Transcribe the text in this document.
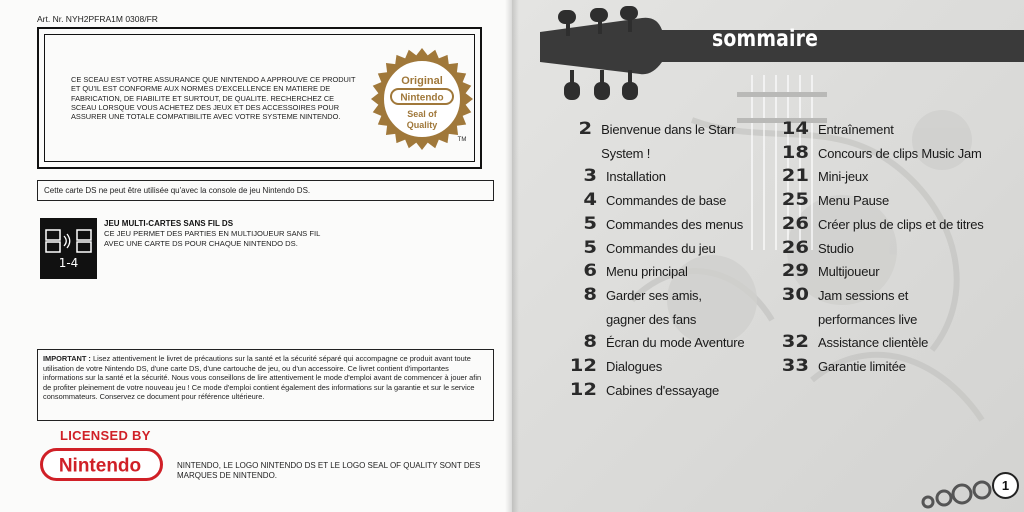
Art. Nr. NYH2PFRA1M 0308/FR
CE SCEAU EST VOTRE ASSURANCE QUE NINTENDO A APPROUVE CE PRODUIT ET QU'IL EST CONFORME AUX NORMES D'EXCELLENCE EN MATIERE DE FABRICATION, DE FIABILITE ET SURTOUT, DE QUALITE. RECHERCHEZ CE SCEAU LORSQUE VOUS ACHETEZ DES JEUX ET DES ACCESSOIRES POUR ASSURER UNE TOTALE COMPATIBILITE AVEC VOTRE SYSTEME NINTENDO.
Original
Nintendo
Seal of
Quality
TM
Cette carte DS ne peut être utilisée qu'avec la console de jeu Nintendo DS.
1-4
JEU MULTI-CARTES SANS FIL DS
CE JEU PERMET DES PARTIES EN MULTIJOUEUR SANS FIL AVEC UNE CARTE DS POUR CHAQUE NINTENDO DS.
IMPORTANT : Lisez attentivement le livret de précautions sur la santé et la sécurité séparé qui accompagne ce produit avant toute utilisation de votre Nintendo DS, d'une carte DS, d'une cartouche de jeu, ou d'un accessoire. Ce livret contient d'importantes informations sur la santé et la sécurité. Nous vous conseillons de lire attentivement le mode d'emploi avant de commencer à jouer afin de profiter pleinement de votre nouveau jeu ! Ce mode d'emploi contient également des informations sur la garantie et sur le service consommateurs. Conservez ce document pour référence ultérieure.
LICENSED BY
Nintendo	NINTENDO, LE LOGO NINTENDO DS ET LE LOGO SEAL OF QUALITY SONT DES MARQUES DE NINTENDO.
sommaire
2 Bienvenue dans le Starr System !
3 Installation
4 Commandes de base
5 Commandes des menus
5 Commandes du jeu
6 Menu principal
8 Garder ses amis,
gagner des fans
8 Écran du mode Aventure
12 Dialogues
12 Cabines d'essayage
14 Entraînement
18 Concours de clips Music Jam
21 Mini-jeux
25 Menu Pause
26 Créer plus de clips et de titres
26 Studio
29 Multijoueur
30 Jam sessions et
performances live
32 Assistance clientèle
33 Garantie limitée
1
